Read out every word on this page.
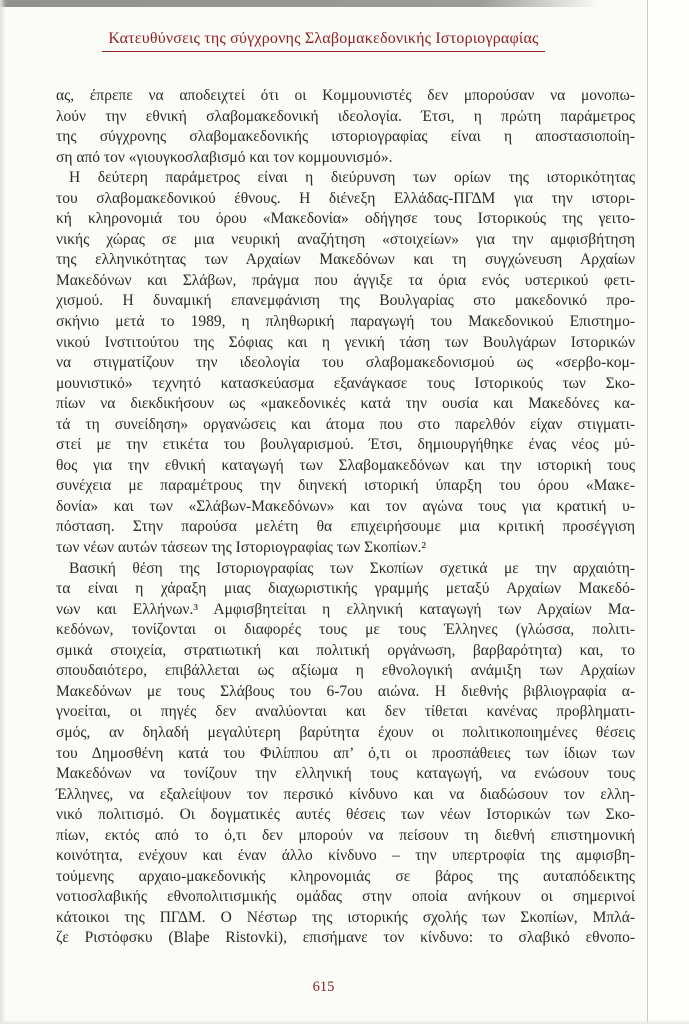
Κατευθύνσεις της σύγχρονης Σλαβομακεδονικής Ιστοριογραφίας
ας, έπρεπε να αποδειχτεί ότι οι Κομμουνιστές δεν μπορούσαν να μονοπω-
λούν την εθνική σλαβομακεδονική ιδεολογία. Έτσι, η πρώτη παράμετρος
της σύγχρονης σλαβομακεδονικής ιστοριογραφίας είναι η αποστασιοποίη-
ση από τον «γιουγκοσλαβισμό και τον κομμουνισμό».
Η δεύτερη παράμετρος είναι η διεύρυνση των ορίων της ιστορικότητας
του σλαβομακεδονικού έθνους. Η διένεξη Ελλάδας-ΠΓΔΜ για την ιστορι-
κή κληρονομιά του όρου «Μακεδονία» οδήγησε τους Ιστορικούς της γειτο-
νικής χώρας σε μια νευρική αναζήτηση «στοιχείων» για την αμφισβήτηση
της ελληνικότητας των Αρχαίων Μακεδόνων και τη συγχώνευση Αρχαίων
Μακεδόνων και Σλάβων, πράγμα που άγγιξε τα όρια ενός υστερικού φετι-
χισμού. Η δυναμική επανεμφάνιση της Βουλγαρίας στο μακεδονικό προ-
σκήνιο μετά το 1989, η πληθωρική παραγωγή του Μακεδονικού Επιστημο-
νικού Ινστιτούτου της Σόφιας και η γενική τάση των Βουλγάρων Ιστορικών
να στιγματίζουν την ιδεολογία του σλαβομακεδονισμού ως «σερβο-κομ-
μουνιστικό» τεχνητό κατασκεύασμα εξανάγκασε τους Ιστορικούς των Σκο-
πίων να διεκδικήσουν ως «μακεδονικές κατά την ουσία και Μακεδόνες κα-
τά τη συνείδηση» οργανώσεις και άτομα που στο παρελθόν είχαν στιγματι-
στεί με την ετικέτα του βουλγαρισμού. Έτσι, δημιουργήθηκε ένας νέος μύ-
θος για την εθνική καταγωγή των Σλαβομακεδόνων και την ιστορική τους
συνέχεια με παραμέτρους την διηνεκή ιστορική ύπαρξη του όρου «Μακε-
δονία» και των «Σλάβων-Μακεδόνων» και τον αγώνα τους για κρατική υ-
πόσταση. Στην παρούσα μελέτη θα επιχειρήσουμε μια κριτική προσέγγιση
των νέων αυτών τάσεων της Ιστοριογραφίας των Σκοπίων.²
Βασική θέση της Ιστοριογραφίας των Σκοπίων σχετικά με την αρχαιότη-
τα είναι η χάραξη μιας διαχωριστικής γραμμής μεταξύ Αρχαίων Μακεδό-
νων και Ελλήνων.³ Αμφισβητείται η ελληνική καταγωγή των Αρχαίων Μα-
κεδόνων, τονίζονται οι διαφορές τους με τους Έλληνες (γλώσσα, πολιτι-
σμικά στοιχεία, στρατιωτική και πολιτική οργάνωση, βαρβαρότητα) και, το
σπουδαιότερο, επιβάλλεται ως αξίωμα η εθνολογική ανάμιξη των Αρχαίων
Μακεδόνων με τους Σλάβους του 6-7ου αιώνα. Η διεθνής βιβλιογραφία α-
γνοείται, οι πηγές δεν αναλύονται και δεν τίθεται κανένας προβληματι-
σμός, αν δηλαδή μεγαλύτερη βαρύτητα έχουν οι πολιτικοποιημένες θέσεις
του Δημοσθένη κατά του Φιλίππου απ’ ό,τι οι προσπάθειες των ίδιων των
Μακεδόνων να τονίζουν την ελληνική τους καταγωγή, να ενώσουν τους
Έλληνες, να εξαλείψουν τον περσικό κίνδυνο και να διαδώσουν τον ελλη-
νικό πολιτισμό. Οι δογματικές αυτές θέσεις των νέων Ιστορικών των Σκο-
πίων, εκτός από το ό,τι δεν μπορούν να πείσουν τη διεθνή επιστημονική
κοινότητα, ενέχουν και έναν άλλο κίνδυνο – την υπερτροφία της αμφισβη-
τούμενης αρχαιο-μακεδονικής κληρονομιάς σε βάρος της αυταπόδεικτης
νοτιοσλαβικής εθνοπολιτισμικής ομάδας στην οποία ανήκουν οι σημερινοί
κάτοικοι της ΠΓΔΜ. Ο Νέστωρ της ιστορικής σχολής των Σκοπίων, Μπλά-
ζε Ριστόφσκυ (Blaþe Ristovki), επισήμανε τον κίνδυνο: το σλαβικό εθνοπο-
615
